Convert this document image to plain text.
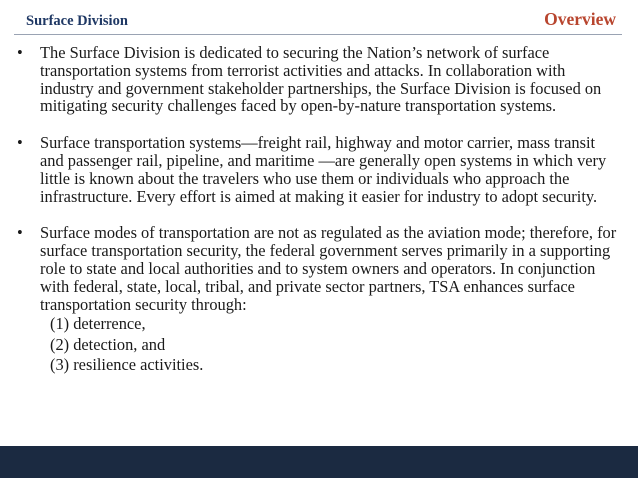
Surface Division	Overview
• The Surface Division is dedicated to securing the Nation’s network of surface transportation systems from terrorist activities and attacks. In collaboration with industry and government stakeholder partnerships, the Surface Division is focused on mitigating security challenges faced by open-by-nature transportation systems.
• Surface transportation systems—freight rail, highway and motor carrier, mass transit and passenger rail, pipeline, and maritime —are generally open systems in which very little is known about the travelers who use them or individuals who approach the infrastructure. Every effort is aimed at making it easier for industry to adopt security.
• Surface modes of transportation are not as regulated as the aviation mode; therefore, for surface transportation security, the federal government serves primarily in a supporting role to state and local authorities and to system owners and operators. In conjunction with federal, state, local, tribal, and private sector partners, TSA enhances surface transportation security through:
(1) deterrence,
(2) detection, and
(3) resilience activities.
